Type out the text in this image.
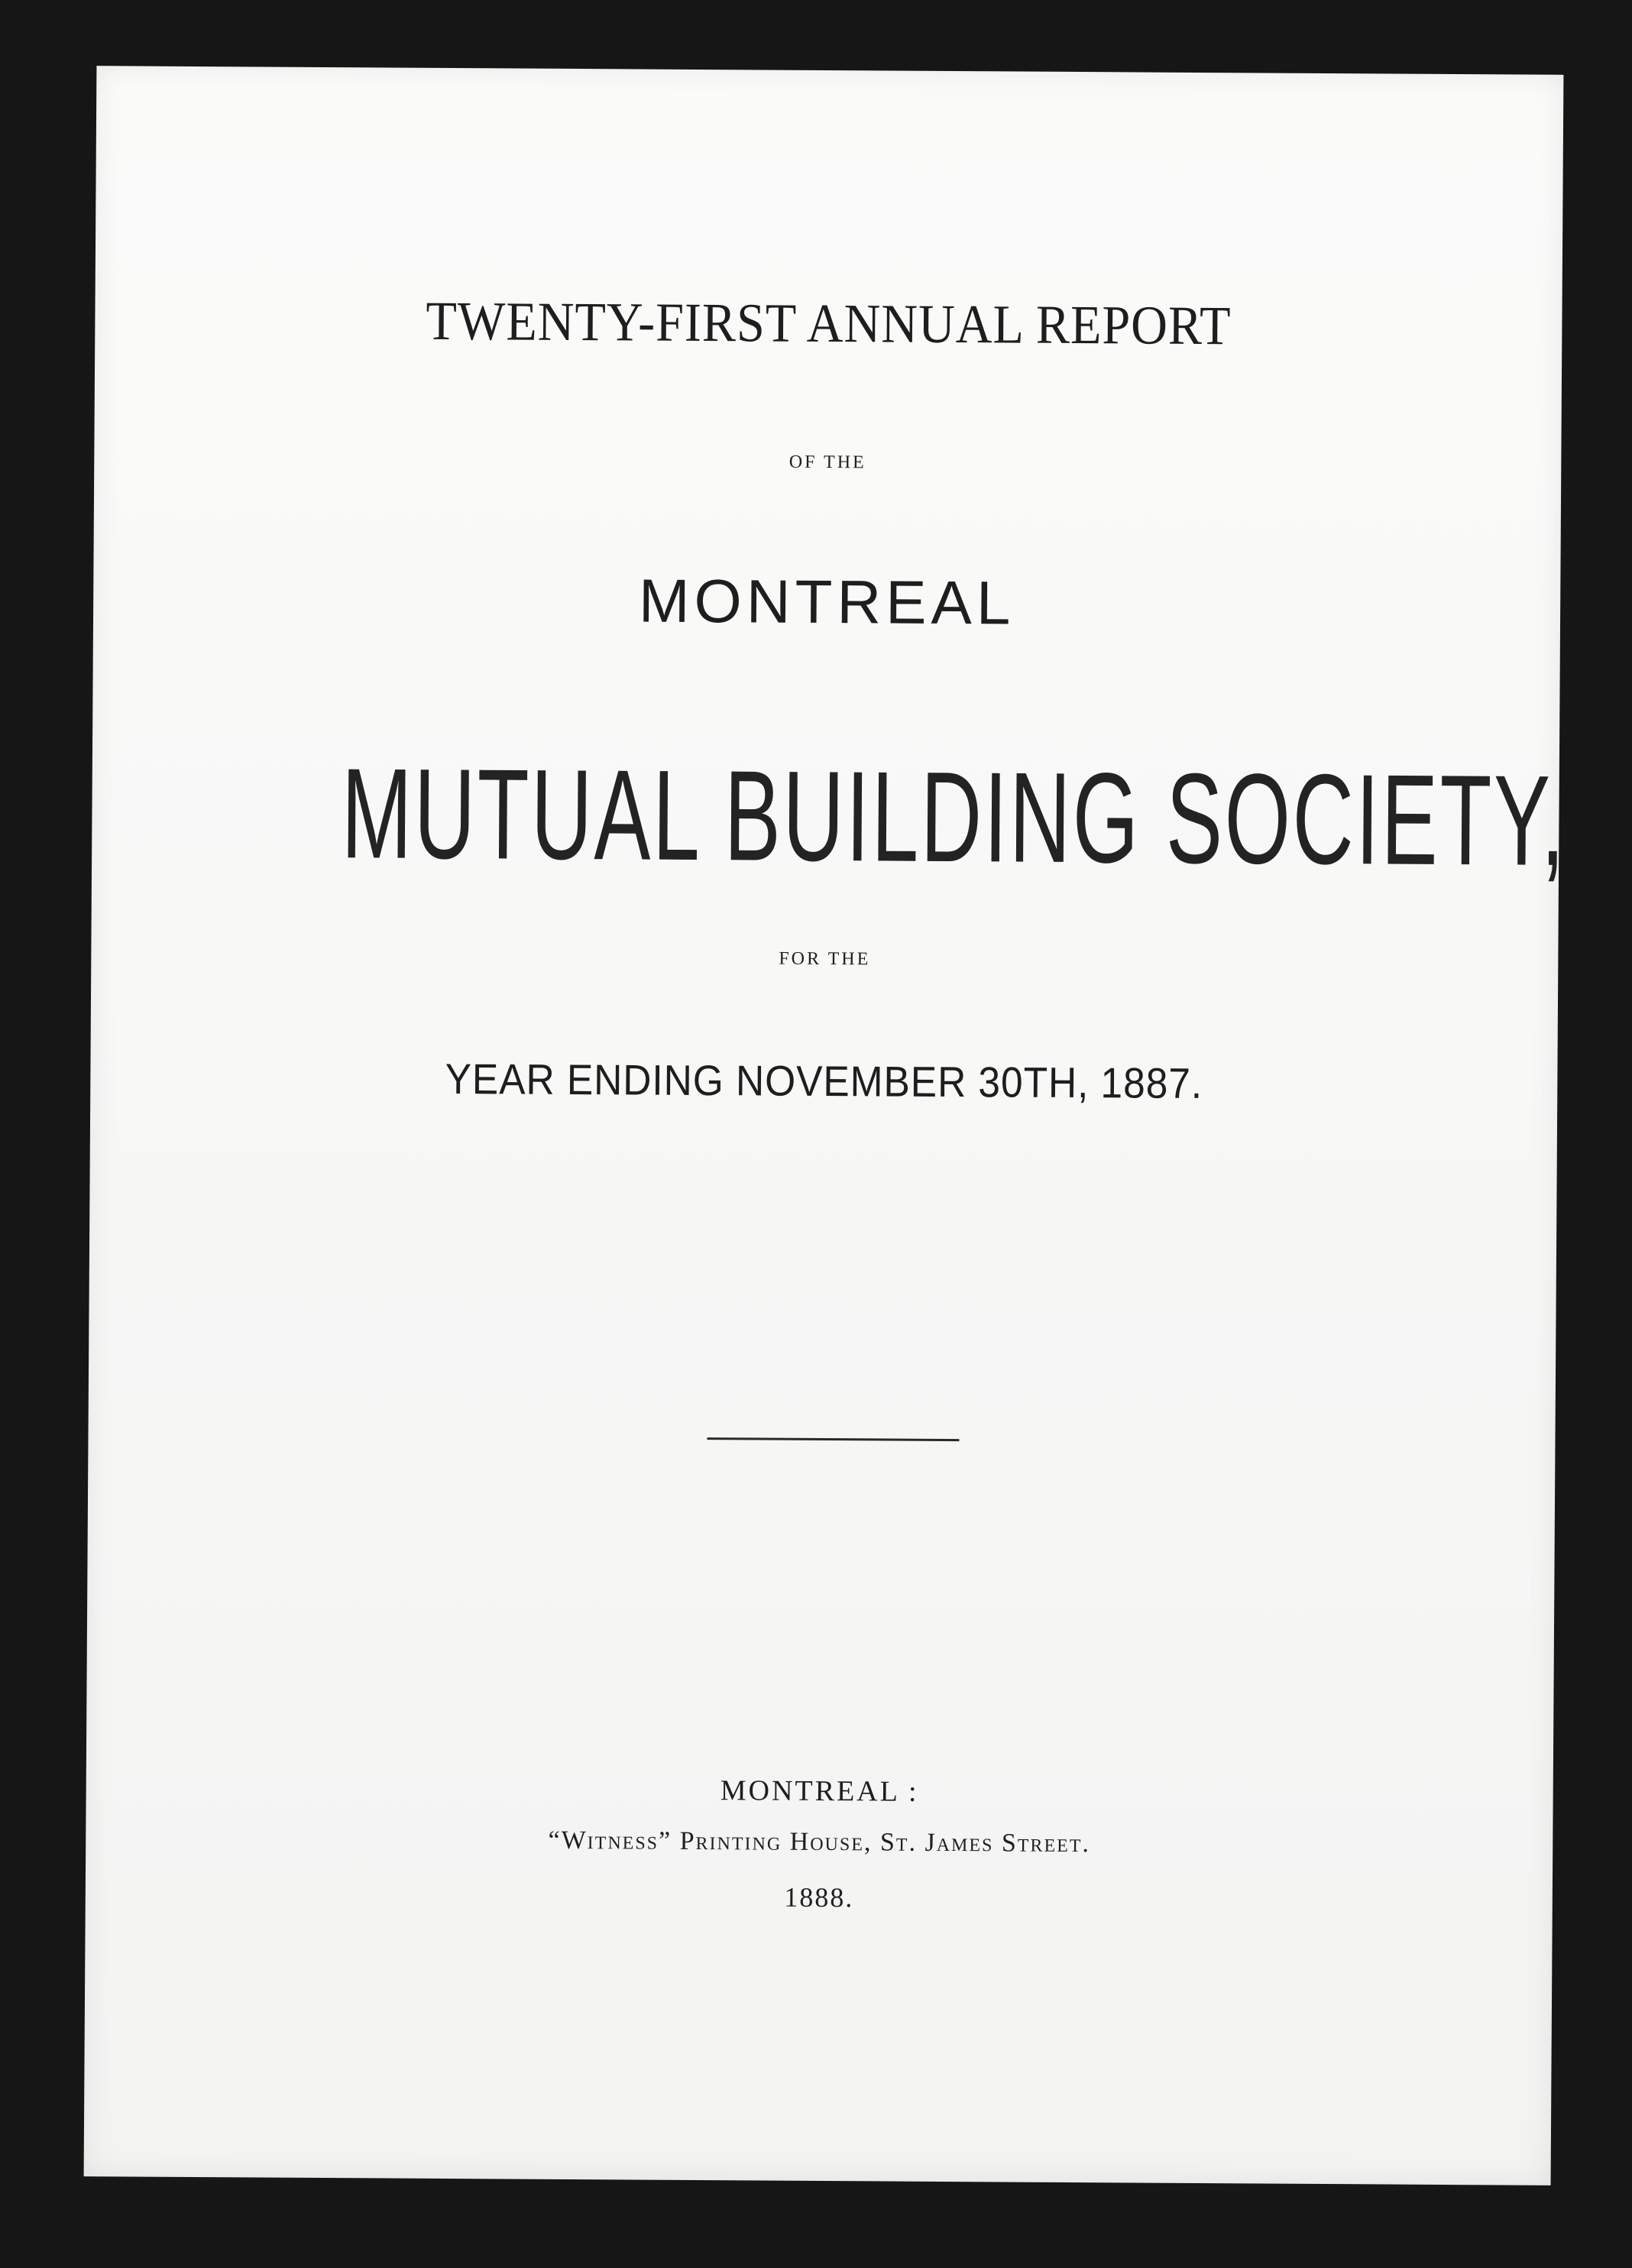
TWENTY-FIRST ANNUAL REPORT
OF THE
MONTREAL
MUTUAL BUILDING SOCIETY,
FOR THE
YEAR ENDING NOVEMBER 30TH, 1887.
MONTREAL :
“Witness” Printing House, St. James Street.
1888.
